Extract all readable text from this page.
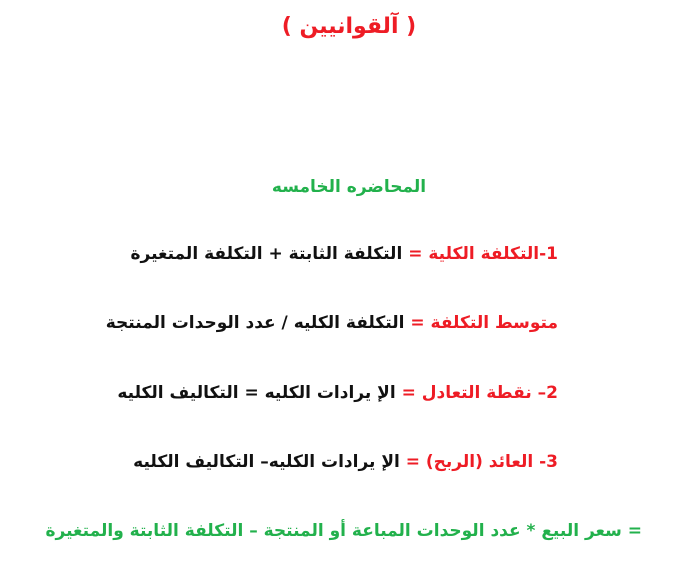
( آلقوانيين )
المحاضره الخامسه
1-التكلفة الكلية = التكلفة الثابتة + التكلفة المتغيرة
متوسط التكلفة = التكلفة الكليه / عدد الوحدات المنتجة
2– نقطة التعادل = الإ يرادات الكليه = التكاليف الكليه
3- العائد (الربح) = الإ يرادات الكليه– التكاليف الكليه
= سعر البيع * عدد الوحدات المباعة أو المنتجة – التكلفة الثابتة والمتغيرة
